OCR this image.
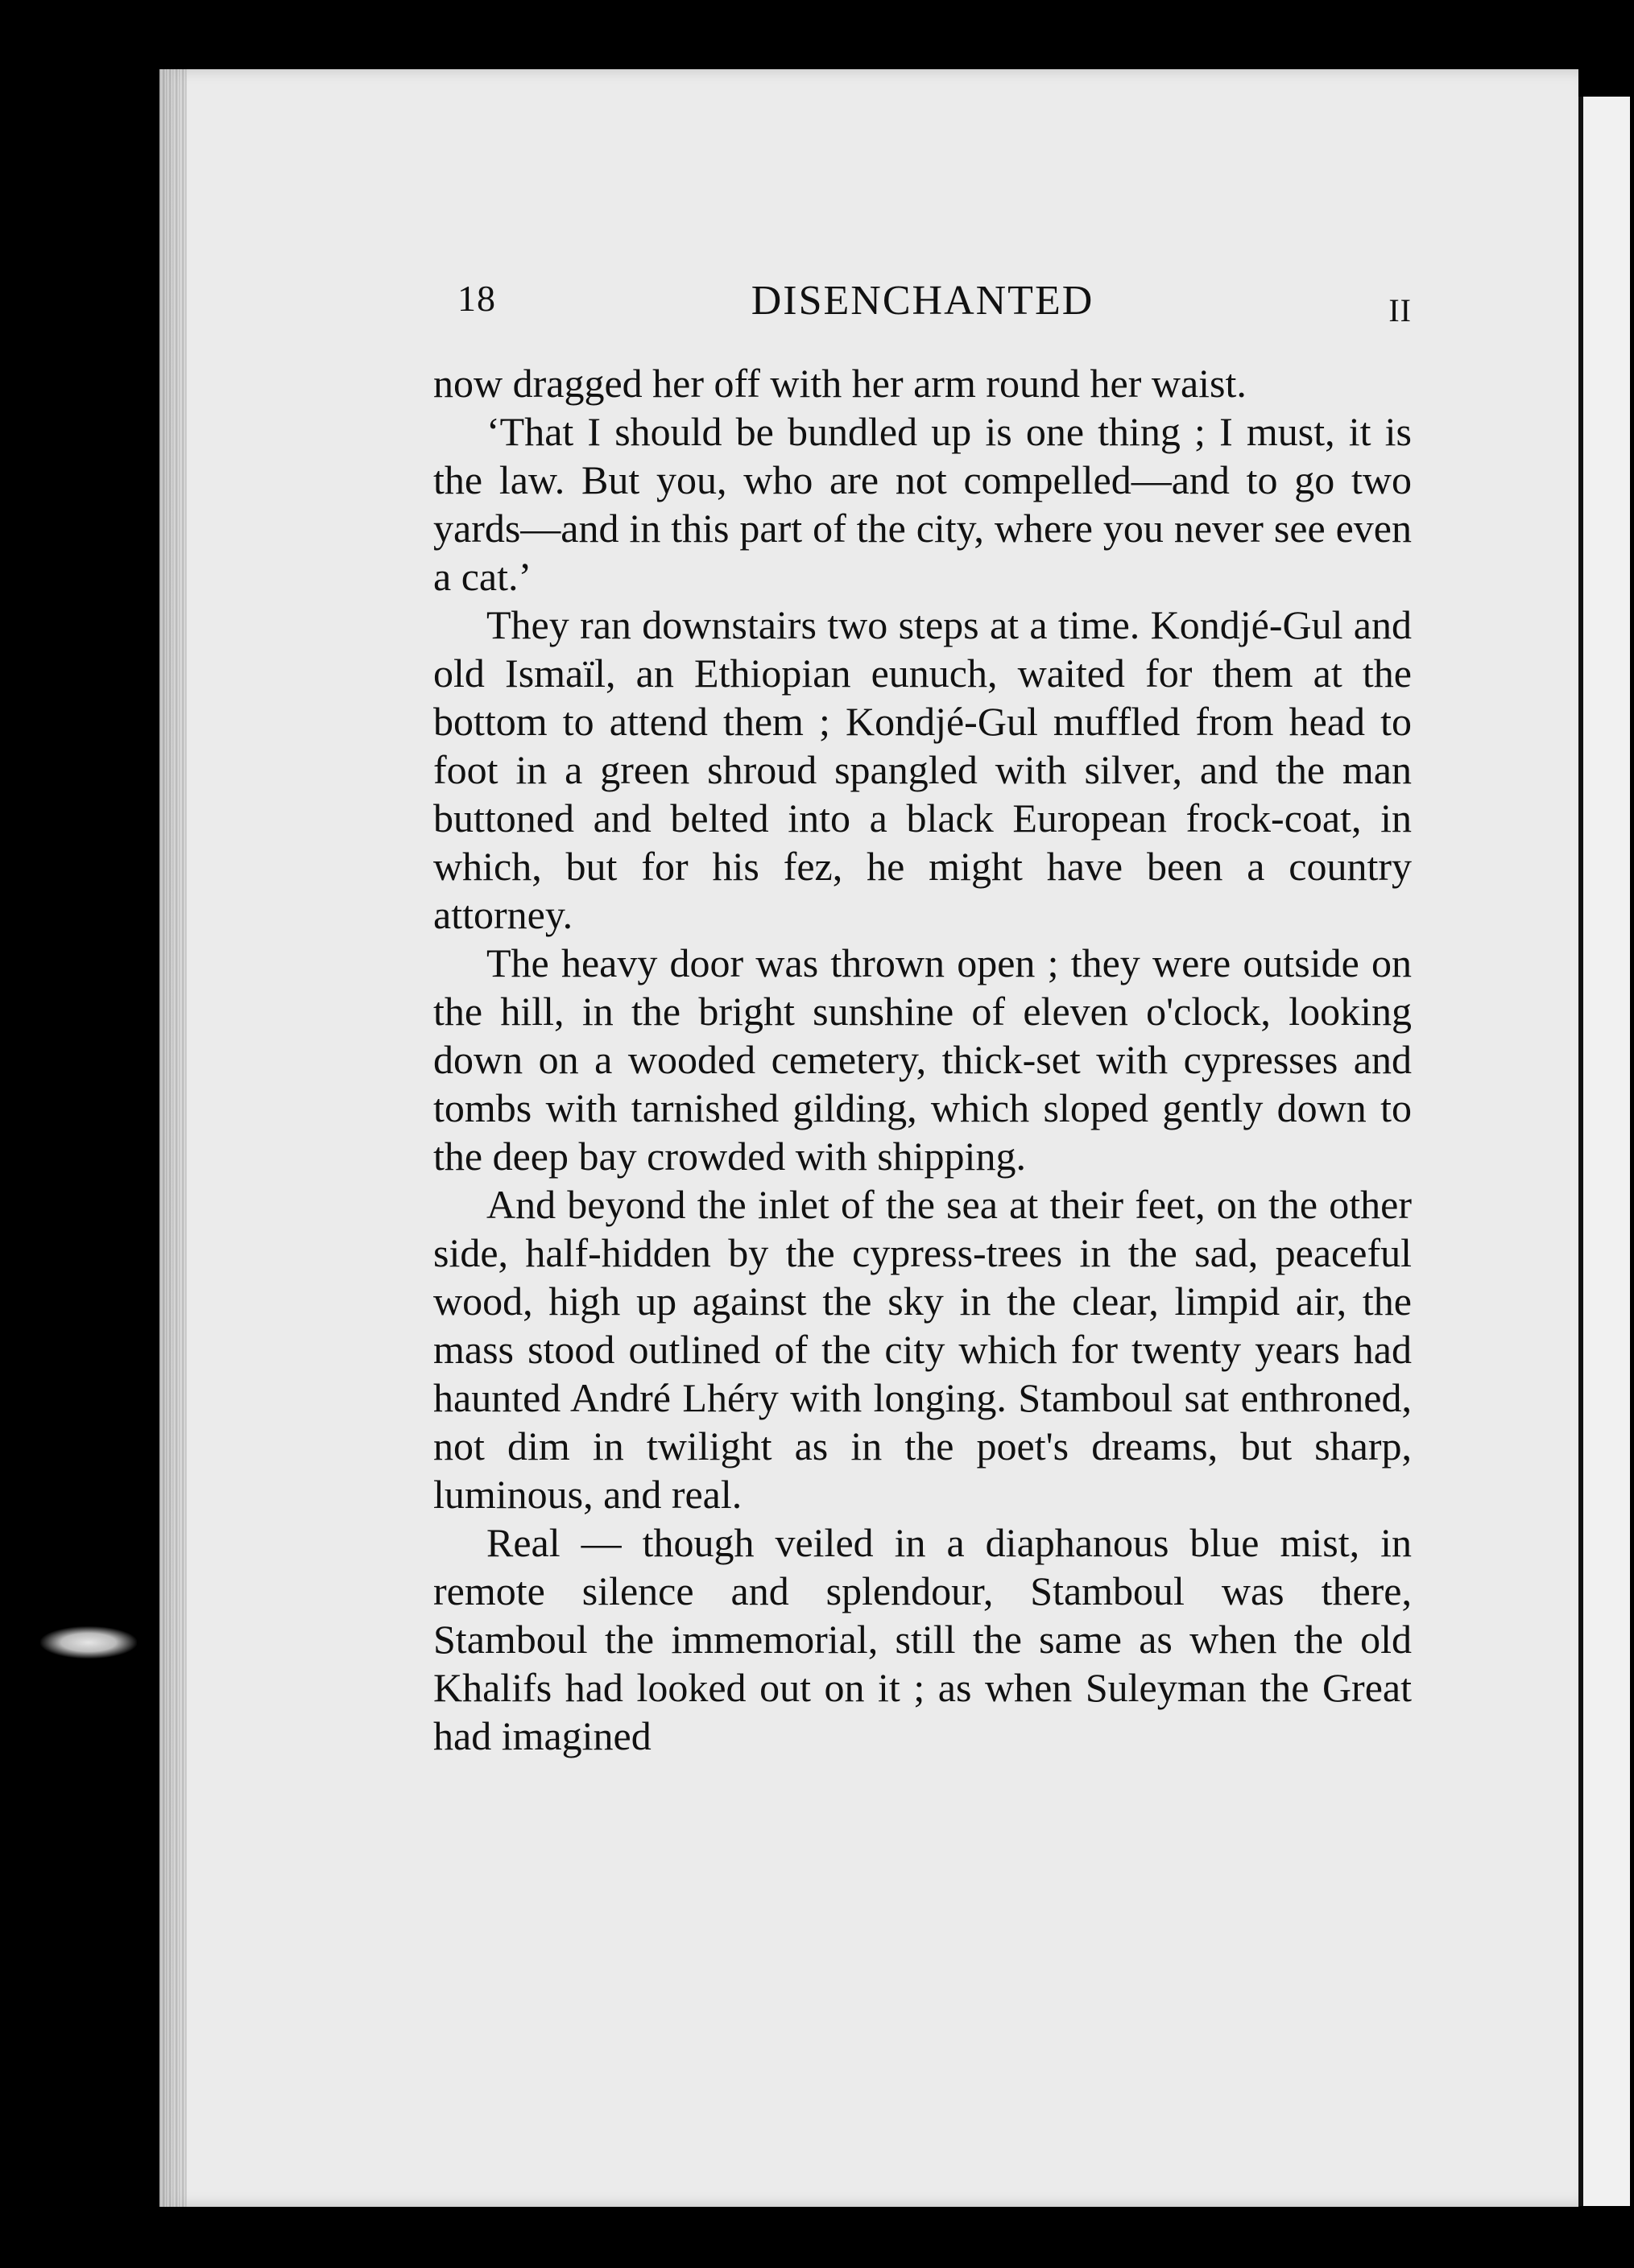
18	DISENCHANTED	II

now dragged her off with her arm round her waist.

‘That I should be bundled up is one thing ; I must, it is the law. But you, who are not compelled—and to go two yards—and in this part of the city, where you never see even a cat.’

They ran downstairs two steps at a time. Kondjé-Gul and old Ismaïl, an Ethiopian eunuch, waited for them at the bottom to attend them ; Kondjé-Gul muffled from head to foot in a green shroud spangled with silver, and the man buttoned and belted into a black European frock-coat, in which, but for his fez, he might have been a country attorney.

The heavy door was thrown open ; they were outside on the hill, in the bright sunshine of eleven o'clock, looking down on a wooded cemetery, thick-set with cypresses and tombs with tarnished gilding, which sloped gently down to the deep bay crowded with shipping.

And beyond the inlet of the sea at their feet, on the other side, half-hidden by the cypress-trees in the sad, peaceful wood, high up against the sky in the clear, limpid air, the mass stood outlined of the city which for twenty years had haunted André Lhéry with longing. Stamboul sat enthroned, not dim in twilight as in the poet's dreams, but sharp, luminous, and real.

Real — though veiled in a diaphanous blue mist, in remote silence and splendour, Stamboul was there, Stamboul the immemorial, still the same as when the old Khalifs had looked out on it ; as when Suleyman the Great had imagined
